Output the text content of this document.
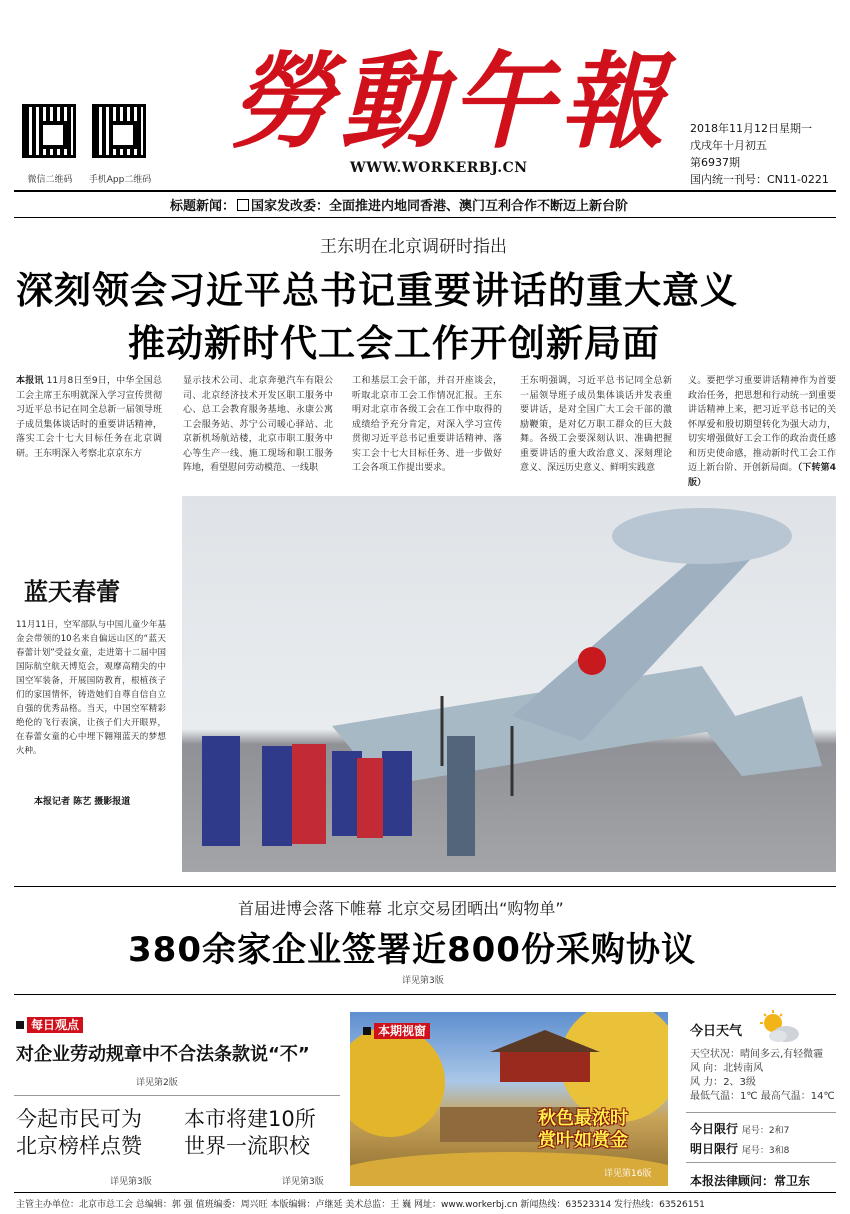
微信二维码	手机App二维码
勞動午報
WWW.WORKERBJ.CN
2018年11月12日星期一
戊戌年十月初五
第6937期
国内统一刊号：CN11-0221
标题新闻： 国家发改委：全面推进内地同香港、澳门互利合作不断迈上新台阶
王东明在北京调研时指出
深刻领会习近平总书记重要讲话的重大意义
推动新时代工会工作开创新局面
本报讯 11月8日至9日，中华全国总工会主席王东明就深入学习宣传贯彻习近平总书记在同全总新一届领导班子成员集体谈话时的重要讲话精神，落实工会十七大目标任务在北京调研。王东明深入考察北京京东方
显示技术公司、北京奔驰汽车有限公司、北京经济技术开发区职工服务中心、总工会教育服务基地、永康公寓工会服务站、苏宁公司暖心驿站、北京新机场航站楼，北京市职工服务中心等生产一线、施工现场和职工服务阵地，看望慰问劳动模范、一线职
工和基层工会干部，并召开座谈会，听取北京市工会工作情况汇报。王东明对北京市各级工会在工作中取得的成绩给予充分肯定，对深入学习宣传贯彻习近平总书记重要讲话精神、落实工会十七大目标任务、进一步做好工会各项工作提出要求。
王东明强调，习近平总书记同全总新一届领导班子成员集体谈话并发表重要讲话，是对全国广大工会干部的激励鞭策，是对亿万职工群众的巨大鼓舞。各级工会要深刻认识、准确把握重要讲话的重大政治意义、深刻理论意义、深远历史意义、鲜明实践意
义。要把学习重要讲话精神作为首要政治任务，把思想和行动统一到重要讲话精神上来，把习近平总书记的关怀厚爱和殷切期望转化为强大动力，切实增强做好工会工作的政治责任感和历史使命感，推动新时代工会工作迈上新台阶、开创新局面。（下转第4版）
蓝天春蕾
11月11日，空军部队与中国儿童少年基金会带领的10名来自偏远山区的“蓝天春蕾计划”受益女童，走进第十二届中国国际航空航天博览会，观摩高精尖的中国空军装备，开展国防教育，根植孩子们的家国情怀，铸造她们自尊自信自立自强的优秀品格。当天，中国空军精彩绝伦的飞行表演，让孩子们大开眼界，在春蕾女童的心中埋下翱翔蓝天的梦想火种。
本报记者 陈艺 摄影报道
首届进博会落下帷幕 北京交易团晒出“购物单”
380余家企业签署近800份采购协议
详见第3版
每日观点
对企业劳动规章中不合法条款说“不”
详见第2版
今起市民可为
北京榜样点赞
详见第3版
本市将建10所
世界一流职校
详见第3版
本期视窗
秋色最浓时
赏叶如赏金
详见第16版
今日天气
天空状况：晴间多云,有轻微霾
风 向：北转南风
风 力：2、3级
最低气温：1℃ 最高气温：14℃
今日限行 尾号：2和7
明日限行 尾号：3和8
本报法律顾问：常卫东
主管主办单位：北京市总工会 总编辑：郭 强 值班编委：周兴旺 本版编辑：卢继延 美术总监：王 巍 网址：www.workerbj.cn 新闻热线：63523314 发行热线：63526151
